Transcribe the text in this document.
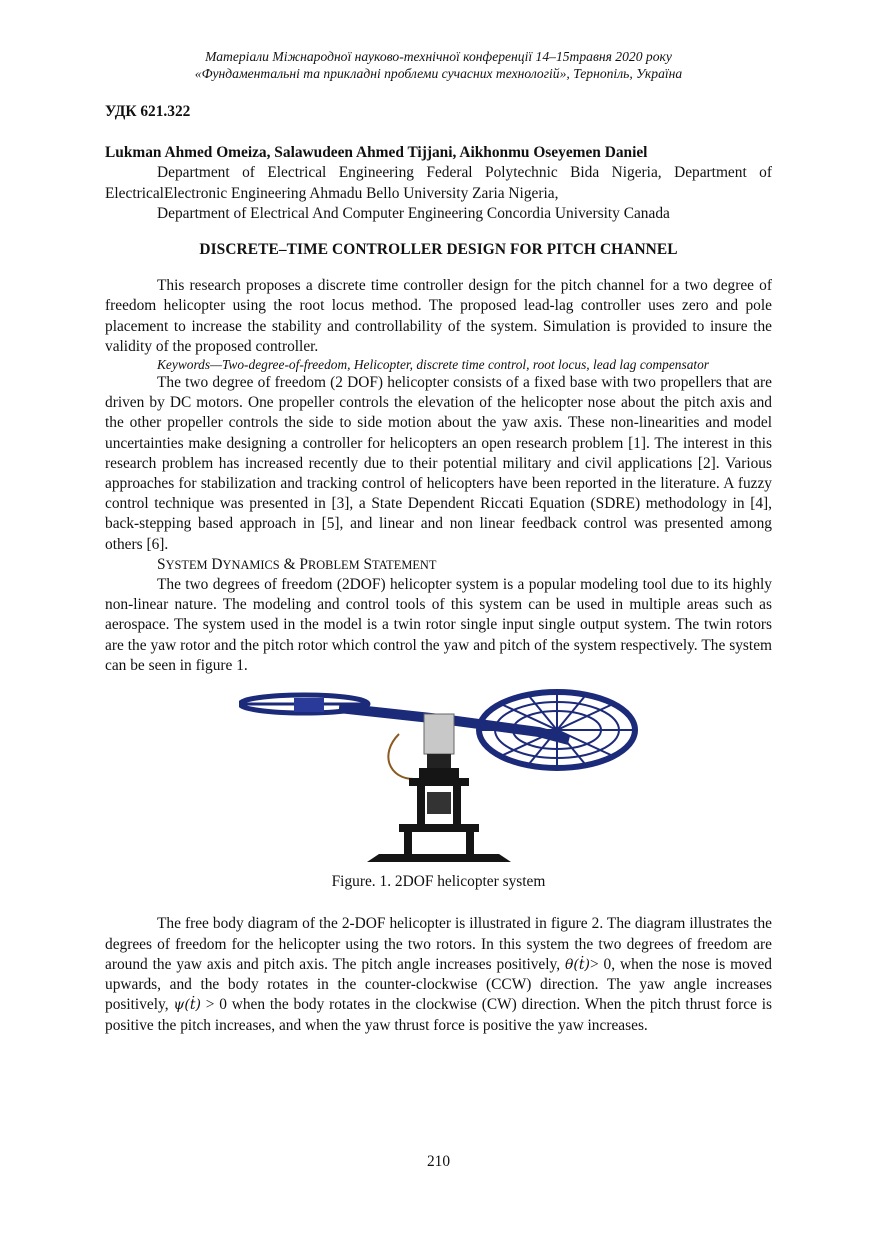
Матеріали Міжнародної науково-технічної конференції 14–15травня 2020 року
«Фундаментальні та прикладні проблеми сучасних технологій», Тернопіль, Україна
УДК 621.322
Lukman Ahmed Omeiza, Salawudeen Ahmed Tijjani, Aikhonmu Oseyemen Daniel
Department of Electrical Engineering Federal Polytechnic Bida Nigeria, Department of ElectricalElectronic Engineering Ahmadu Bello University Zaria Nigeria,
Department of Electrical And Computer Engineering Concordia University Canada
DISCRETE–TIME CONTROLLER DESIGN FOR PITCH CHANNEL

This research proposes a discrete time controller design for the pitch channel for a two degree of freedom helicopter using the root locus method. The proposed lead-lag controller uses zero and pole placement to increase the stability and controllability of the system. Simulation is provided to insure the validity of the proposed controller.

Keywords—Two-degree-of-freedom, Helicopter, discrete time control, root locus, lead lag compensator

The two degree of freedom (2 DOF) helicopter consists of a fixed base with two propellers that are driven by DC motors. One propeller controls the elevation of the helicopter nose about the pitch axis and the other propeller controls the side to side motion about the yaw axis. These non-linearities and model uncertainties make designing a controller for helicopters an open research problem [1]. The interest in this research problem has increased recently due to their potential military and civil applications [2]. Various approaches for stabilization and tracking control of helicopters have been reported in the literature. A fuzzy control technique was presented in [3], a State Dependent Riccati Equation (SDRE) methodology in [4], back-stepping based approach in [5], and linear and non linear feedback control was presented among others [6].

SYSTEM DYNAMICS & PROBLEM STATEMENT

The two degrees of freedom (2DOF) helicopter system is a popular modeling tool due to its highly non-linear nature. The modeling and control tools of this system can be used in multiple areas such as aerospace. The system used in the model is a twin rotor single input single output system. The twin rotors are the yaw rotor and the pitch rotor which control the yaw and pitch of the system respectively. The system can be seen in figure 1.

Figure. 1. 2DOF helicopter system

The free body diagram of the 2-DOF helicopter is illustrated in figure 2. The diagram illustrates the degrees of freedom for the helicopter using the two rotors. In this system the two degrees of freedom are around the yaw axis and pitch axis. The pitch angle increases positively, θ(ṫ)> 0, when the nose is moved upwards, and the body rotates in the counter-clockwise (CCW) direction. The yaw angle increases positively, ψ(ṫ) > 0 when the body rotates in the clockwise (CW) direction. When the pitch thrust force is positive the pitch increases, and when the yaw thrust force is positive the yaw increases.

210
